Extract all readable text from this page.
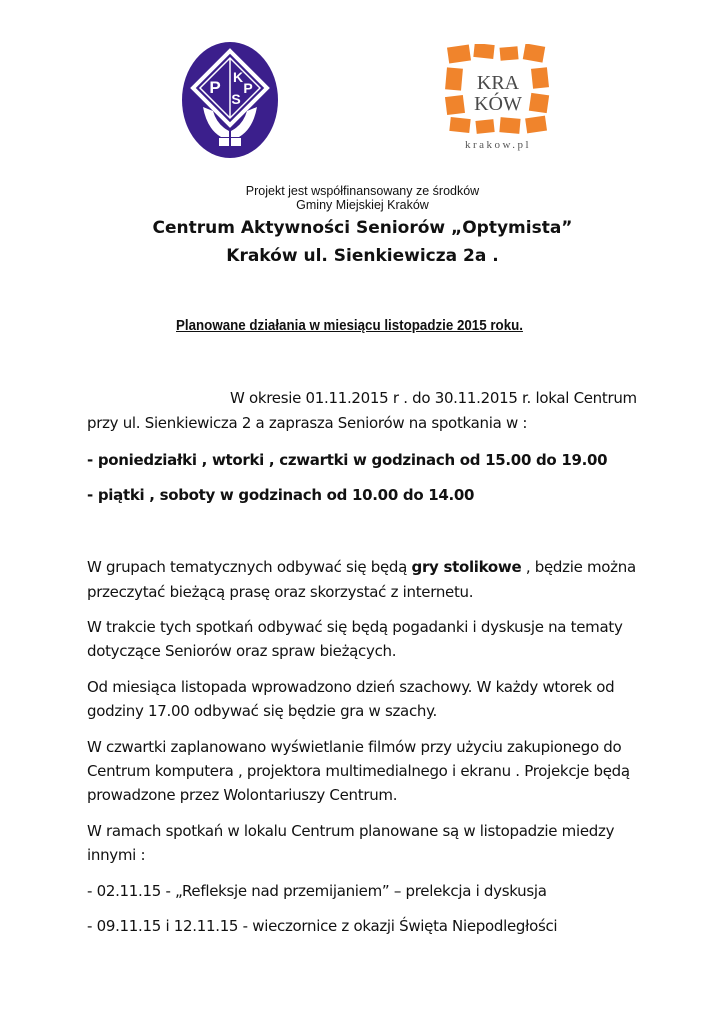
P
K
S
P	KRA
KÓW
krakow.pl
Projekt jest współfinansowany ze środków
Gminy Miejskiej Kraków
Centrum Aktywności Seniorów „Optymista”
Kraków ul. Sienkiewicza 2a .
Planowane działania w miesiącu listopadzie 2015 roku.
W okresie 01.11.2015 r . do 30.11.2015 r. lokal Centrum
przy ul. Sienkiewicza 2 a zaprasza Seniorów na spotkania w :
- poniedziałki , wtorki , czwartki w godzinach od 15.00 do 19.00
- piątki , soboty w godzinach od 10.00 do 14.00
W grupach tematycznych odbywać się będą gry stolikowe , będzie można
przeczytać bieżącą prasę oraz skorzystać z internetu.
W trakcie tych spotkań odbywać się będą pogadanki i dyskusje na tematy
dotyczące Seniorów oraz spraw bieżących.
Od miesiąca listopada wprowadzono dzień szachowy. W każdy wtorek od
godziny 17.00 odbywać się będzie gra w szachy.
W czwartki zaplanowano wyświetlanie filmów przy użyciu zakupionego do
Centrum komputera , projektora multimedialnego i ekranu . Projekcje będą
prowadzone przez Wolontariuszy Centrum.
W ramach spotkań w lokalu Centrum planowane są w listopadzie miedzy
innymi :
- 02.11.15 - „Refleksje nad przemijaniem” – prelekcja i dyskusja
- 09.11.15 i 12.11.15 - wieczornice z okazji Święta Niepodległości
